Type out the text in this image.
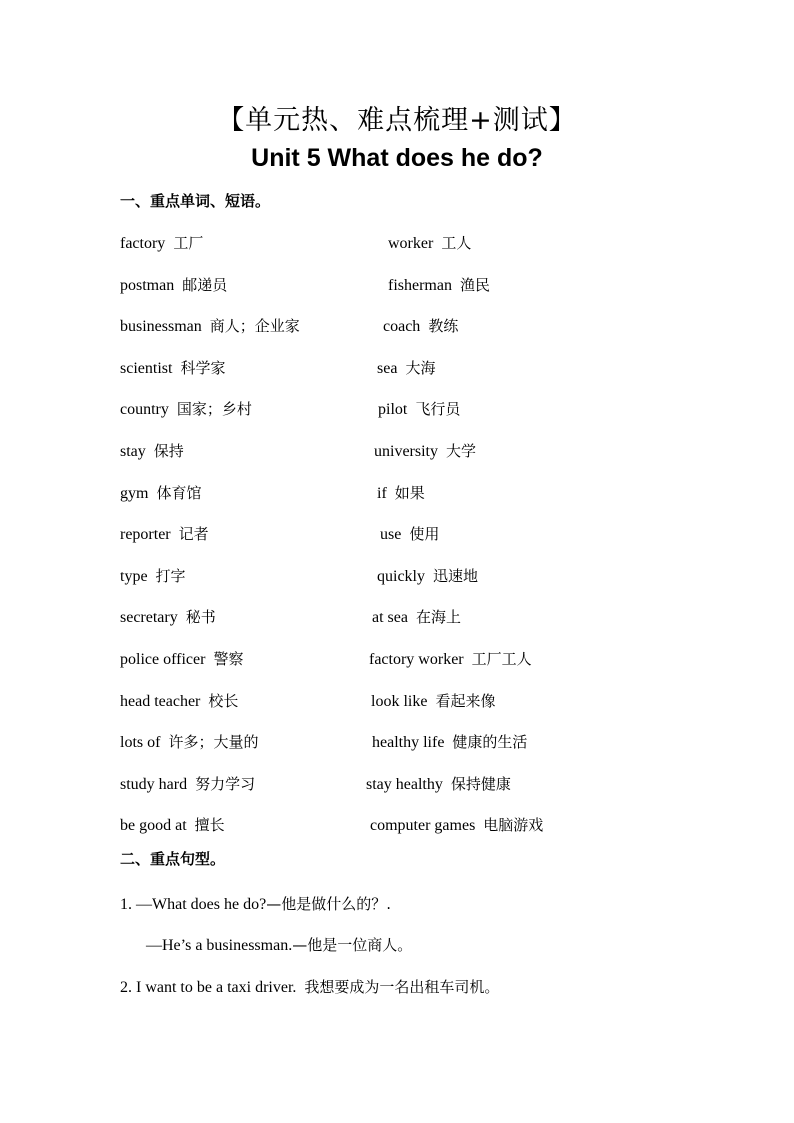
【单元热、难点梳理+测试】
Unit 5 What does he do?
一、重点单词、短语。
factory 工厂	worker 工人
postman 邮递员	fisherman 渔民
businessman 商人；企业家	coach 教练
scientist 科学家	sea 大海
country 国家；乡村	pilot 飞行员
stay 保持	university 大学
gym 体育馆	if 如果
reporter 记者	use 使用
type 打字	quickly 迅速地
secretary 秘书	at sea 在海上
police officer 警察	factory worker 工厂工人
head teacher 校长	look like 看起来像
lots of 许多；大量的	healthy life 健康的生活
study hard 努力学习	stay healthy 保持健康
be good at 擅长	computer games 电脑游戏
二、重点句型。
1. —What does he do?—他是做什么的？.
—He’s a businessman.—他是一位商人。
2. I want to be a taxi driver. 我想要成为一名出租车司机。
